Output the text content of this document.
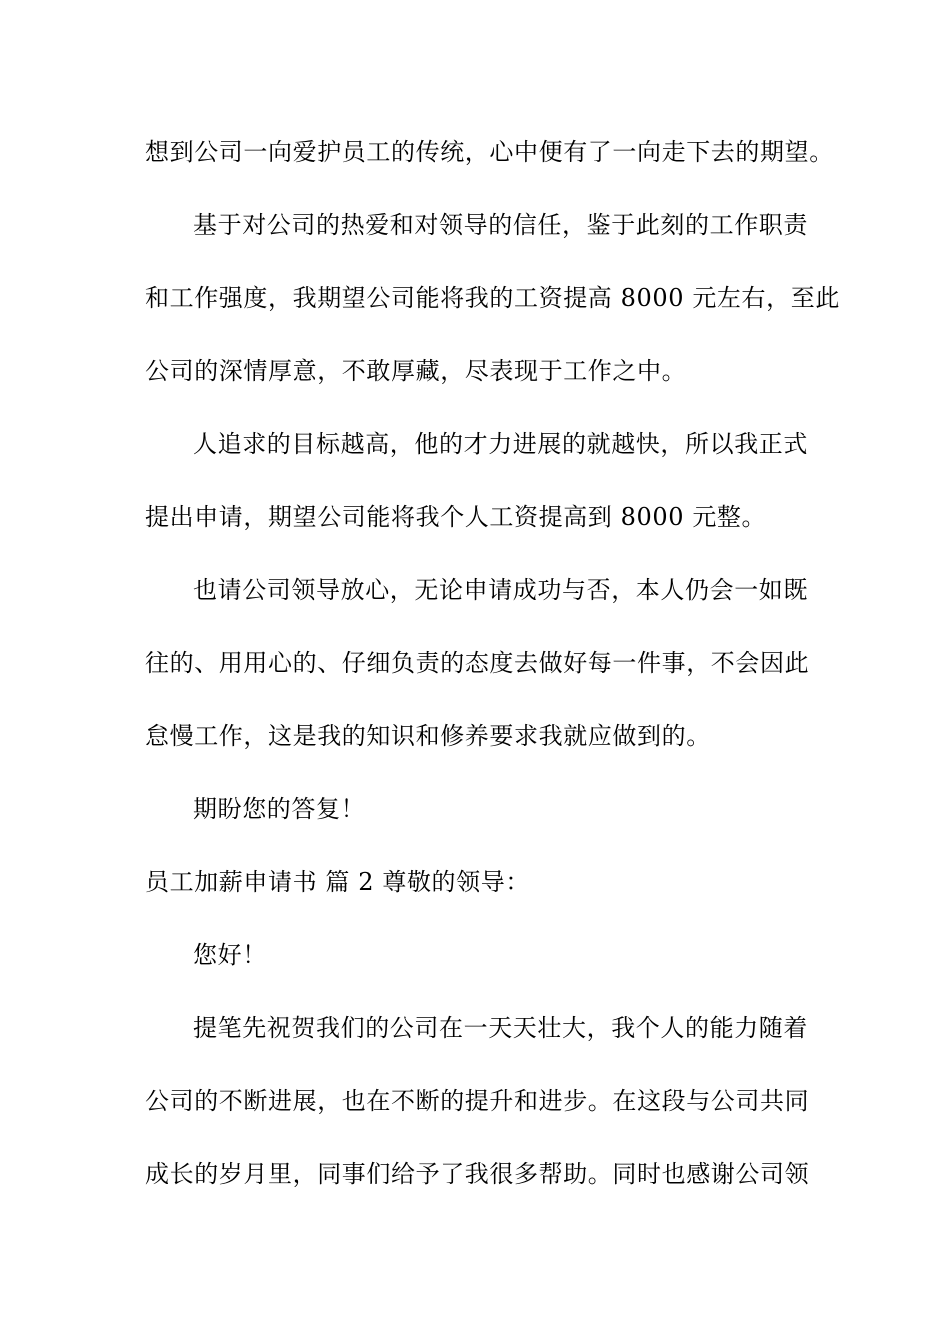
想到公司一向爱护员工的传统，心中便有了一向走下去的期望。
基于对公司的热爱和对领导的信任，鉴于此刻的工作职责
和工作强度，我期望公司能将我的工资提高 8000 元左右，至此
公司的深情厚意，不敢厚藏，尽表现于工作之中。
人追求的目标越高，他的才力进展的就越快，所以我正式
提出申请，期望公司能将我个人工资提高到 8000 元整。
也请公司领导放心，无论申请成功与否，本人仍会一如既
往的、用用心的、仔细负责的态度去做好每一件事，不会因此
怠慢工作，这是我的知识和修养要求我就应做到的。
期盼您的答复！
员工加薪申请书 篇 2 尊敬的领导：
您好！
提笔先祝贺我们的公司在一天天壮大，我个人的能力随着
公司的不断进展，也在不断的提升和进步。在这段与公司共同
成长的岁月里，同事们给予了我很多帮助。同时也感谢公司领
